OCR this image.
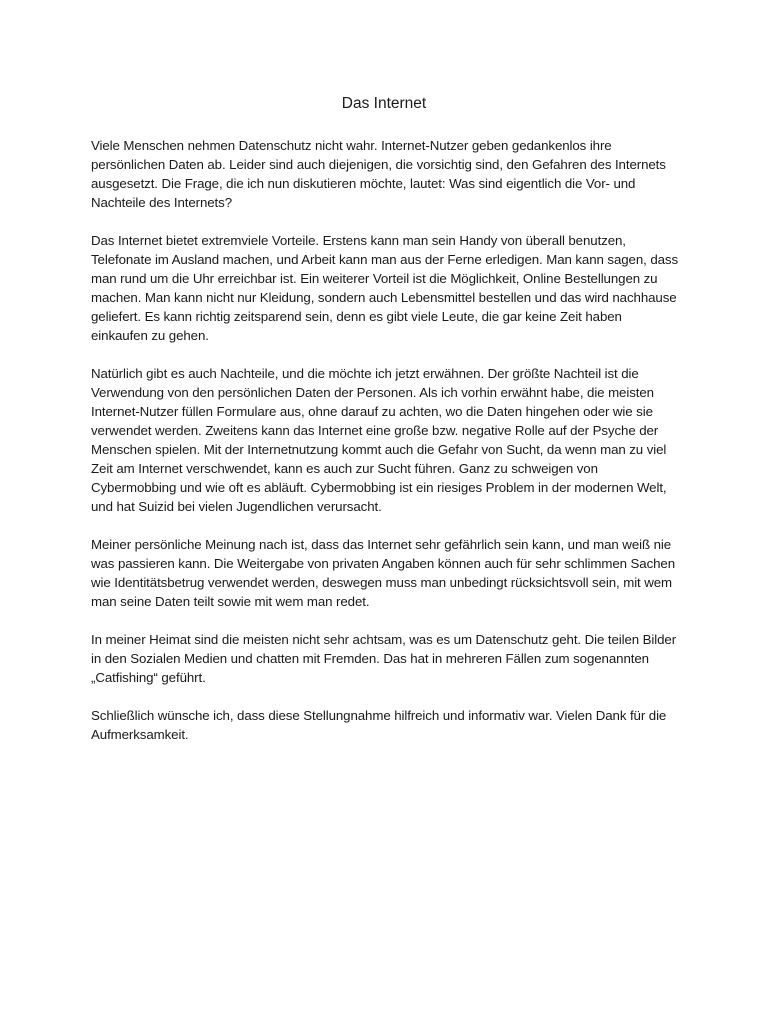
Das Internet

Viele Menschen nehmen Datenschutz nicht wahr. Internet-Nutzer geben gedankenlos ihre persönlichen Daten ab. Leider sind auch diejenigen, die vorsichtig sind, den Gefahren des Internets ausgesetzt. Die Frage, die ich nun diskutieren möchte, lautet: Was sind eigentlich die Vor- und Nachteile des Internets?

Das Internet bietet extremviele Vorteile. Erstens kann man sein Handy von überall benutzen, Telefonate im Ausland machen, und Arbeit kann man aus der Ferne erledigen. Man kann sagen, dass man rund um die Uhr erreichbar ist. Ein weiterer Vorteil ist die Möglichkeit, Online Bestellungen zu machen. Man kann nicht nur Kleidung, sondern auch Lebensmittel bestellen und das wird nachhause geliefert. Es kann richtig zeitsparend sein, denn es gibt viele Leute, die gar keine Zeit haben einkaufen zu gehen.

Natürlich gibt es auch Nachteile, und die möchte ich jetzt erwähnen. Der größte Nachteil ist die Verwendung von den persönlichen Daten der Personen. Als ich vorhin erwähnt habe, die meisten Internet-Nutzer füllen Formulare aus, ohne darauf zu achten, wo die Daten hingehen oder wie sie verwendet werden. Zweitens kann das Internet eine große bzw. negative Rolle auf der Psyche der Menschen spielen. Mit der Internetnutzung kommt auch die Gefahr von Sucht, da wenn man zu viel Zeit am Internet verschwendet, kann es auch zur Sucht führen. Ganz zu schweigen von Cybermobbing und wie oft es abläuft. Cybermobbing ist ein riesiges Problem in der modernen Welt, und hat Suizid bei vielen Jugendlichen verursacht.

Meiner persönliche Meinung nach ist, dass das Internet sehr gefährlich sein kann, und man weiß nie was passieren kann. Die Weitergabe von privaten Angaben können auch für sehr schlimmen Sachen wie Identitätsbetrug verwendet werden, deswegen muss man unbedingt rücksichtsvoll sein, mit wem man seine Daten teilt sowie mit wem man redet.

In meiner Heimat sind die meisten nicht sehr achtsam, was es um Datenschutz geht. Die teilen Bilder in den Sozialen Medien und chatten mit Fremden. Das hat in mehreren Fällen zum sogenannten „Catfishing“ geführt.

Schließlich wünsche ich, dass diese Stellungnahme hilfreich und informativ war. Vielen Dank für die Aufmerksamkeit.
